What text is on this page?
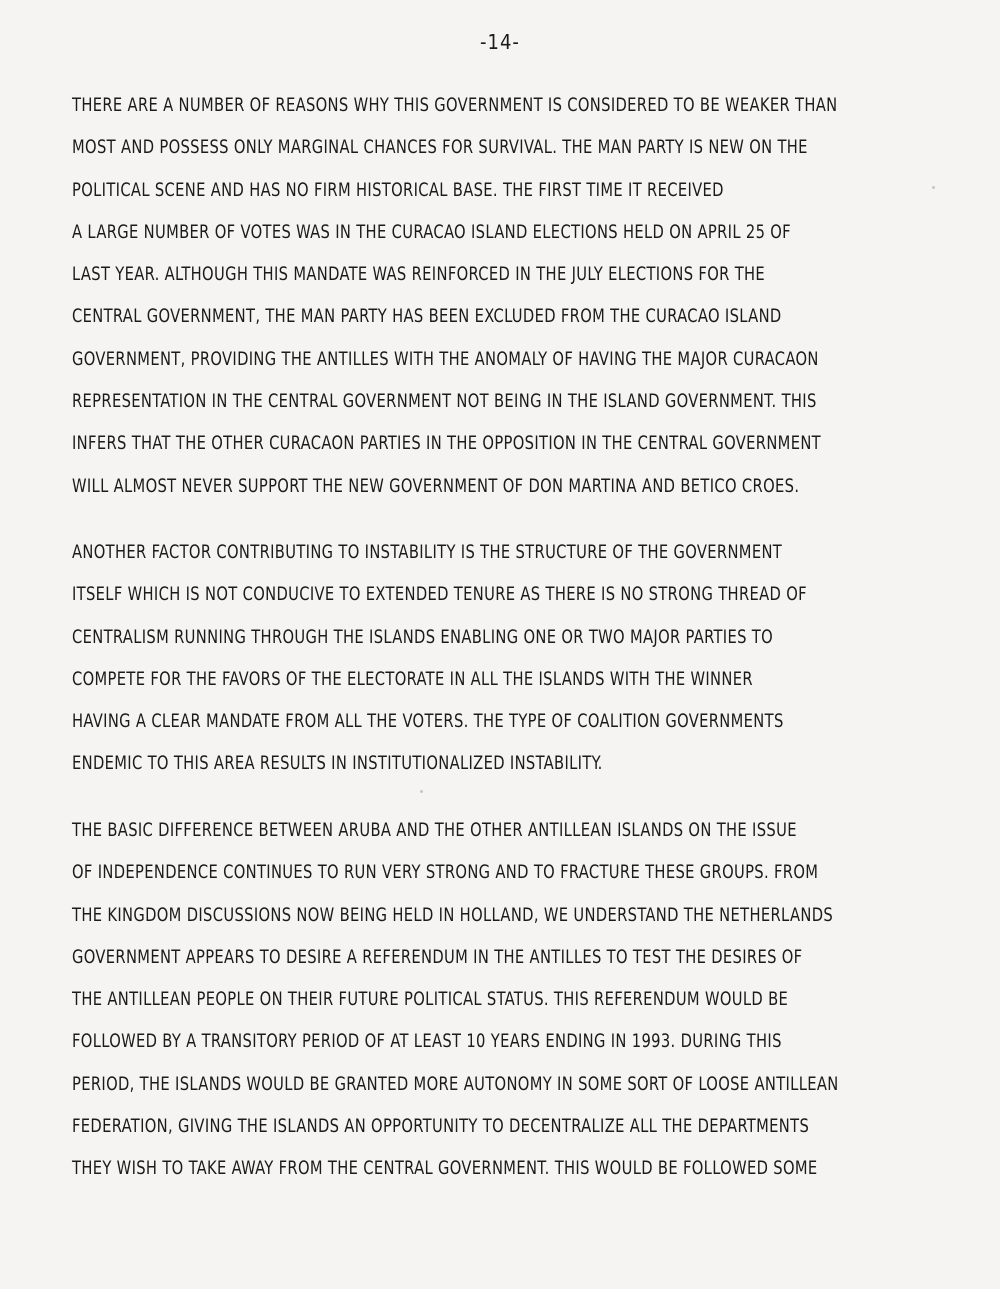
-14-
THERE ARE A NUMBER OF REASONS WHY THIS GOVERNMENT IS CONSIDERED TO BE WEAKER THAN
MOST AND POSSESS ONLY MARGINAL CHANCES FOR SURVIVAL. THE MAN PARTY IS NEW ON THE
POLITICAL SCENE AND HAS NO FIRM HISTORICAL BASE. THE FIRST TIME IT RECEIVED
A LARGE NUMBER OF VOTES WAS IN THE CURACAO ISLAND ELECTIONS HELD ON APRIL 25 OF
LAST YEAR. ALTHOUGH THIS MANDATE WAS REINFORCED IN THE JULY ELECTIONS FOR THE
CENTRAL GOVERNMENT, THE MAN PARTY HAS BEEN EXCLUDED FROM THE CURACAO ISLAND
GOVERNMENT, PROVIDING THE ANTILLES WITH THE ANOMALY OF HAVING THE MAJOR CURACAON
REPRESENTATION IN THE CENTRAL GOVERNMENT NOT BEING IN THE ISLAND GOVERNMENT. THIS
INFERS THAT THE OTHER CURACAON PARTIES IN THE OPPOSITION IN THE CENTRAL GOVERNMENT
WILL ALMOST NEVER SUPPORT THE NEW GOVERNMENT OF DON MARTINA AND BETICO CROES.
ANOTHER FACTOR CONTRIBUTING TO INSTABILITY IS THE STRUCTURE OF THE GOVERNMENT
ITSELF WHICH IS NOT CONDUCIVE TO EXTENDED TENURE AS THERE IS NO STRONG THREAD OF
CENTRALISM RUNNING THROUGH THE ISLANDS ENABLING ONE OR TWO MAJOR PARTIES TO
COMPETE FOR THE FAVORS OF THE ELECTORATE IN ALL THE ISLANDS WITH THE WINNER
HAVING A CLEAR MANDATE FROM ALL THE VOTERS. THE TYPE OF COALITION GOVERNMENTS
ENDEMIC TO THIS AREA RESULTS IN INSTITUTIONALIZED INSTABILITY.
THE BASIC DIFFERENCE BETWEEN ARUBA AND THE OTHER ANTILLEAN ISLANDS ON THE ISSUE
OF INDEPENDENCE CONTINUES TO RUN VERY STRONG AND TO FRACTURE THESE GROUPS. FROM
THE KINGDOM DISCUSSIONS NOW BEING HELD IN HOLLAND, WE UNDERSTAND THE NETHERLANDS
GOVERNMENT APPEARS TO DESIRE A REFERENDUM IN THE ANTILLES TO TEST THE DESIRES OF
THE ANTILLEAN PEOPLE ON THEIR FUTURE POLITICAL STATUS. THIS REFERENDUM WOULD BE
FOLLOWED BY A TRANSITORY PERIOD OF AT LEAST 10 YEARS ENDING IN 1993. DURING THIS
PERIOD, THE ISLANDS WOULD BE GRANTED MORE AUTONOMY IN SOME SORT OF LOOSE ANTILLEAN
FEDERATION, GIVING THE ISLANDS AN OPPORTUNITY TO DECENTRALIZE ALL THE DEPARTMENTS
THEY WISH TO TAKE AWAY FROM THE CENTRAL GOVERNMENT. THIS WOULD BE FOLLOWED SOME
